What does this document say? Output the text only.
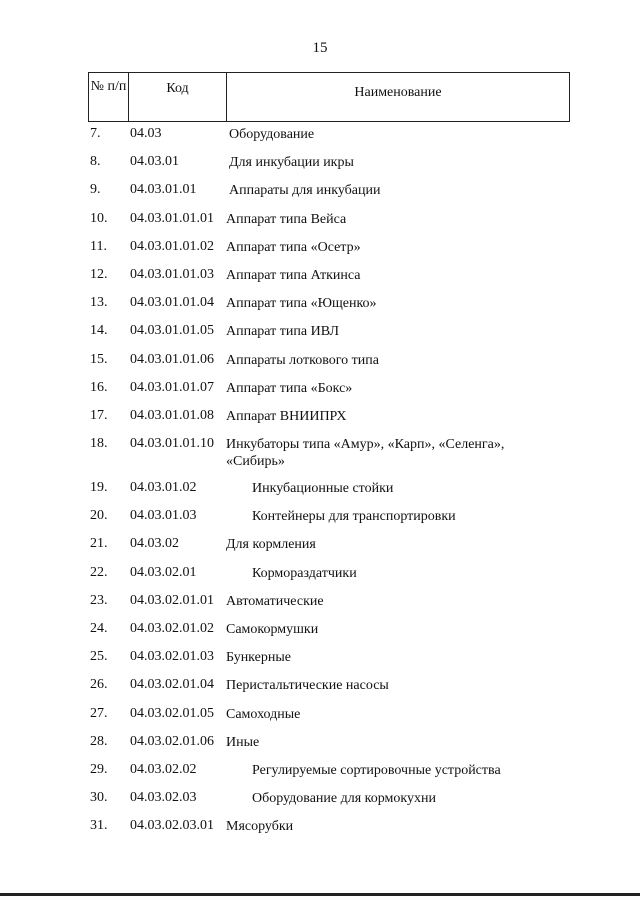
15
№ п/п	Код	Наименование
7. 04.03	Оборудование
8. 04.03.01	Для инкубации икры
9. 04.03.01.01 Аппараты для инкубации
10. 04.03.01.01.01 Аппарат типа Вейса
11. 04.03.01.01.02 Аппарат типа «Осетр»
12. 04.03.01.01.03 Аппарат типа Аткинса
13. 04.03.01.01.04 Аппарат типа «Ющенко»
14. 04.03.01.01.05 Аппарат типа ИВЛ
15. 04.03.01.01.06 Аппараты лоткового типа
16. 04.03.01.01.07 Аппарат типа «Бокс»
17. 04.03.01.01.08 Аппарат ВНИИПРХ
18. 04.03.01.01.10 Инкубаторы типа «Амур», «Карп», «Селенга», «Сибирь»
19. 04.03.01.02	Инкубационные стойки
20. 04.03.01.03	Контейнеры для транспортировки
21. 04.03.02	Для кормления
22. 04.03.02.01	Кормораздатчики
23. 04.03.02.01.01 Автоматические
24. 04.03.02.01.02 Самокормушки
25. 04.03.02.01.03 Бункерные
26. 04.03.02.01.04 Перистальтические насосы
27. 04.03.02.01.05 Самоходные
28. 04.03.02.01.06 Иные
29. 04.03.02.02	Регулируемые сортировочные устройства
30. 04.03.02.03	Оборудование для кормокухни
31. 04.03.02.03.01 Мясорубки
